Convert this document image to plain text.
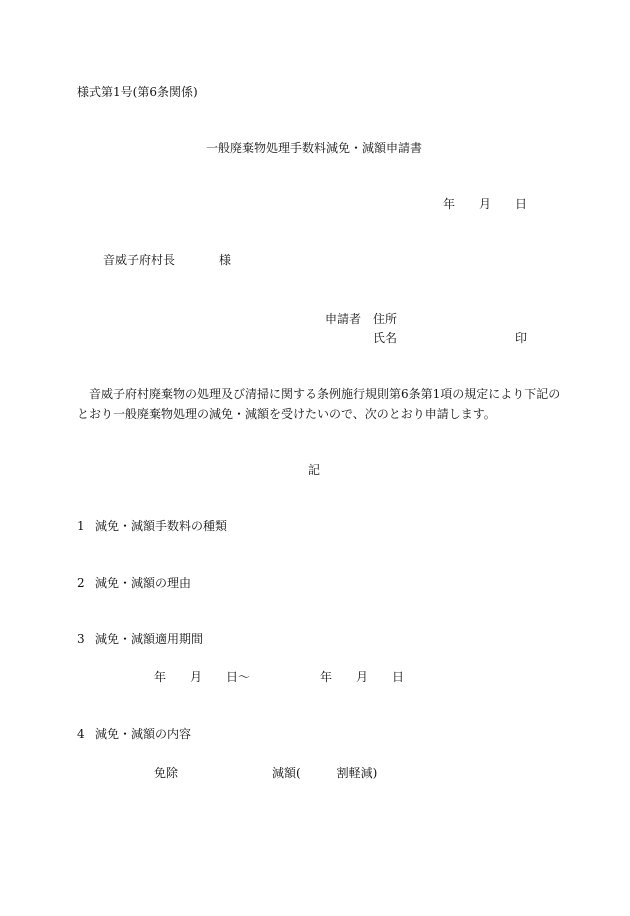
様式第1号(第6条関係)
一般廃棄物処理手数料減免・減額申請書
年　　月　　日
音威子府村長	様
申請者 住所
氏名	印
音威子府村廃棄物の処理及び清掃に関する条例施行規則第6条第1項の規定により下記の
とおり一般廃棄物処理の減免・減額を受けたいので、次のとおり申請します。
記
1 減免・減額手数料の種類
2 減免・減額の理由
3 減免・減額適用期間
年　　月　　日～	年　　月　　日
4 減免・減額の内容
免除	減額(　　　割軽減)
